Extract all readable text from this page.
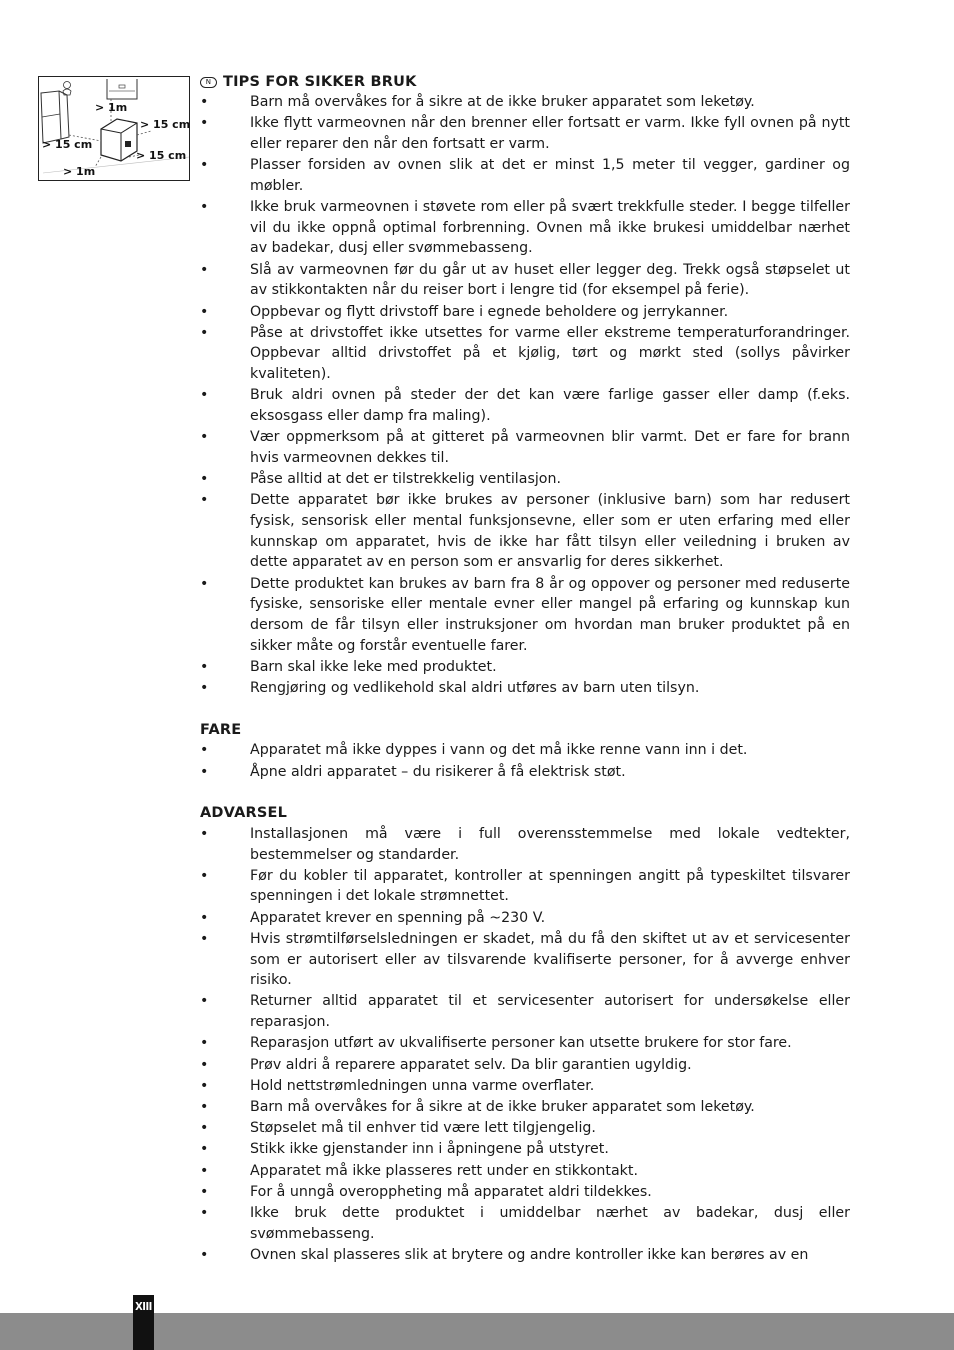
> 1m
> 15 cm
> 15 cm
> 15 cm
> 1m
N TIPS FOR SIKKER BRUK
• Barn må overvåkes for å sikre at de ikke bruker apparatet som leketøy.
• Ikke flytt varmeovnen når den brenner eller fortsatt er varm. Ikke fyll ovnen på nytt eller reparer den når den fortsatt er varm.
• Plasser forsiden av ovnen slik at det er minst 1,5 meter til vegger, gardiner og møbler.
• Ikke bruk varmeovnen i støvete rom eller på svært trekkfulle steder. I begge tilfeller vil du ikke oppnå optimal forbrenning. Ovnen må ikke brukesi umiddelbar nærhet av badekar, dusj eller svømmebasseng.
• Slå av varmeovnen før du går ut av huset eller legger deg. Trekk også støpselet ut av stikkontakten når du reiser bort i lengre tid (for eksempel på ferie).
• Oppbevar og flytt drivstoff bare i egnede beholdere og jerrykanner.
• Påse at drivstoffet ikke utsettes for varme eller ekstreme temperaturforandringer. Oppbevar alltid drivstoffet på et kjølig, tørt og mørkt sted (sollys påvirker kvaliteten).
• Bruk aldri ovnen på steder der det kan være farlige gasser eller damp (f.eks. eksosgass eller damp fra maling).
• Vær oppmerksom på at gitteret på varmeovnen blir varmt. Det er fare for brann hvis varmeovnen dekkes til.
• Påse alltid at det er tilstrekkelig ventilasjon.
• Dette apparatet bør ikke brukes av personer (inklusive barn) som har redusert fysisk, sensorisk eller mental funksjonsevne, eller som er uten erfaring med eller kunnskap om apparatet, hvis de ikke har fått tilsyn eller veiledning i bruken av dette apparatet av en person som er ansvarlig for deres sikkerhet.
• Dette produktet kan brukes av barn fra 8 år og oppover og personer med reduserte fysiske, sensoriske eller mentale evner eller mangel på erfaring og kunnskap kun dersom de får tilsyn eller instruksjoner om hvordan man bruker produktet på en sikker måte og forstår eventuelle farer.
• Barn skal ikke leke med produktet.
• Rengjøring og vedlikehold skal aldri utføres av barn uten tilsyn.
FARE
• Apparatet må ikke dyppes i vann og det må ikke renne vann inn i det.
• Åpne aldri apparatet – du risikerer å få elektrisk støt.
ADVARSEL
• Installasjonen må være i full overensstemmelse med lokale vedtekter, bestemmelser og standarder.
• Før du kobler til apparatet, kontroller at spenningen angitt på typeskiltet tilsvarer spenningen i det lokale strømnettet.
• Apparatet krever en spenning på ~230 V.
• Hvis strømtilførselsledningen er skadet, må du få den skiftet ut av et servicesenter som er autorisert eller av tilsvarende kvalifiserte personer, for å avverge enhver risiko.
• Returner alltid apparatet til et servicesenter autorisert for undersøkelse eller reparasjon.
• Reparasjon utført av ukvalifiserte personer kan utsette brukere for stor fare.
• Prøv aldri å reparere apparatet selv. Da blir garantien ugyldig.
• Hold nettstrømledningen unna varme overflater.
• Barn må overvåkes for å sikre at de ikke bruker apparatet som leketøy.
• Støpselet må til enhver tid være lett tilgjengelig.
• Stikk ikke gjenstander inn i åpningene på utstyret.
• Apparatet må ikke plasseres rett under en stikkontakt.
• For å unngå overoppheting må apparatet aldri tildekkes.
• Ikke bruk dette produktet i umiddelbar nærhet av badekar, dusj eller svømmebasseng.
• Ovnen skal plasseres slik at brytere og andre kontroller ikke kan berøres av en
XIII
